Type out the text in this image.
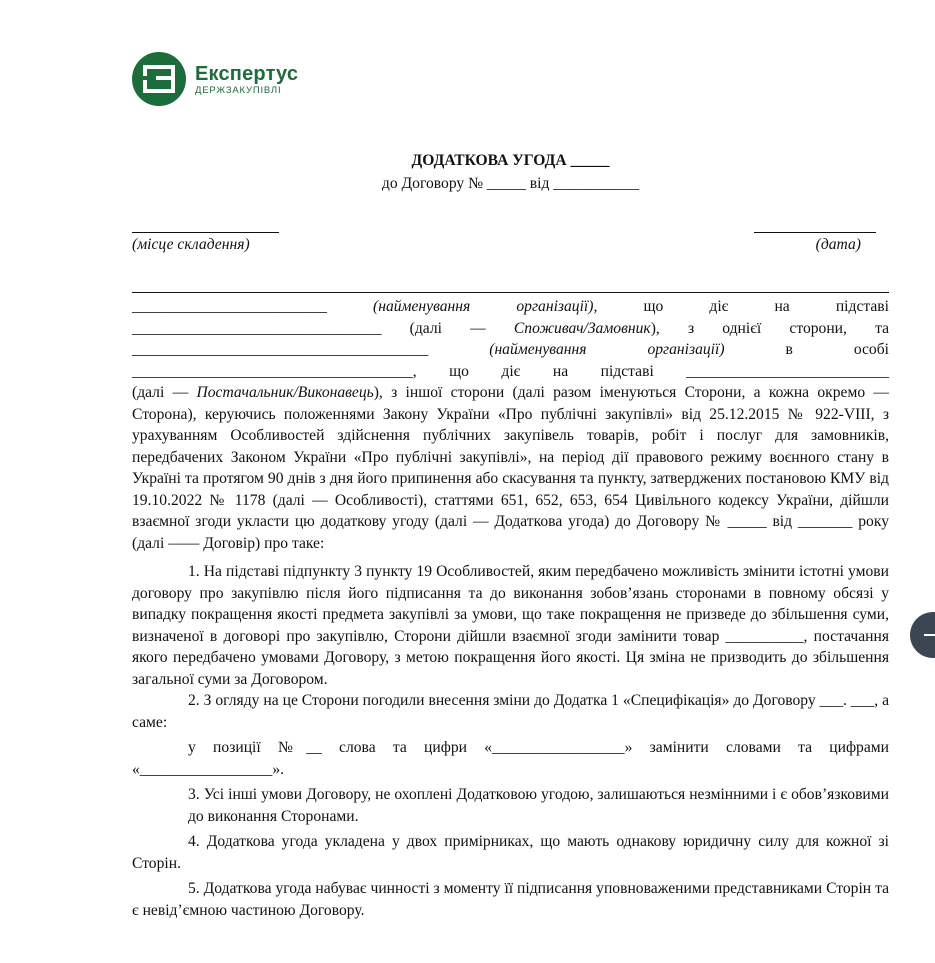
Експертус
ДЕРЖЗАКУПІВЛІ
ДОДАТКОВА УГОДА _____
до Договору № _____ від ___________
(місце складення)	(дата)

_________________________	(найменування організації),	що діє на підставі

________________________________ (далі — Споживач/Замовник), з однієї сторони, та

______________________________________	(найменування організації)	в особі

____________________________________, що діє на підставі __________________________

(далі — Постачальник/Виконавець), з іншої сторони (далі разом іменуються Сторони, а кожна окремо — Сторона), керуючись положеннями Закону України «Про публічні закупівлі» від 25.12.2015 № 922-VIII, з урахуванням Особливостей здійснення публічних закупівель товарів, робіт і послуг для замовників, передбачених Законом України «Про публічні закупівлі», на період дії правового режиму воєнного стану в Україні та протягом 90 днів з дня його припинення або скасування та пункту, затверджених постановою КМУ від 19.10.2022 № 1178 (далі — Особливості), статтями 651, 652, 653, 654 Цивільного кодексу України, дійшли взаємної згоди укласти цю додаткову угоду (далі — Додаткова угода) до Договору № _____ від _______ року (далі —— Договір) про таке:

1. На підставі підпункту 3 пункту 19 Особливостей, яким передбачено можливість змінити істотні умови договору про закупівлю після його підписання та до виконання зобов’язань сторонами в повному обсязі у випадку покращення якості предмета закупівлі за умови, що таке покращення не призведе до збільшення суми, визначеної в договорі про закупівлю, Сторони дійшли взаємної згоди замінити товар __________, постачання якого передбачено умовами Договору, з метою покращення його якості. Ця зміна не призводить до збільшення загальної суми за Договором.

2. З огляду на це Сторони погодили внесення зміни до Додатка 1 «Специфікація» до Договору ___. ___, а саме:

у позиції №__ слова та цифри «_________________» замінити словами та цифрами «_________________».

3. Усі інші умови Договору, не охоплені Додатковою угодою, залишаються незмінними і є обов’язковими до виконання Сторонами.

4. Додаткова угода укладена у двох примірниках, що мають однакову юридичну силу для кожної зі Сторін.

5. Додаткова угода набуває чинності з моменту її підписання уповноваженими представниками Сторін та є невід’ємною частиною Договору.
